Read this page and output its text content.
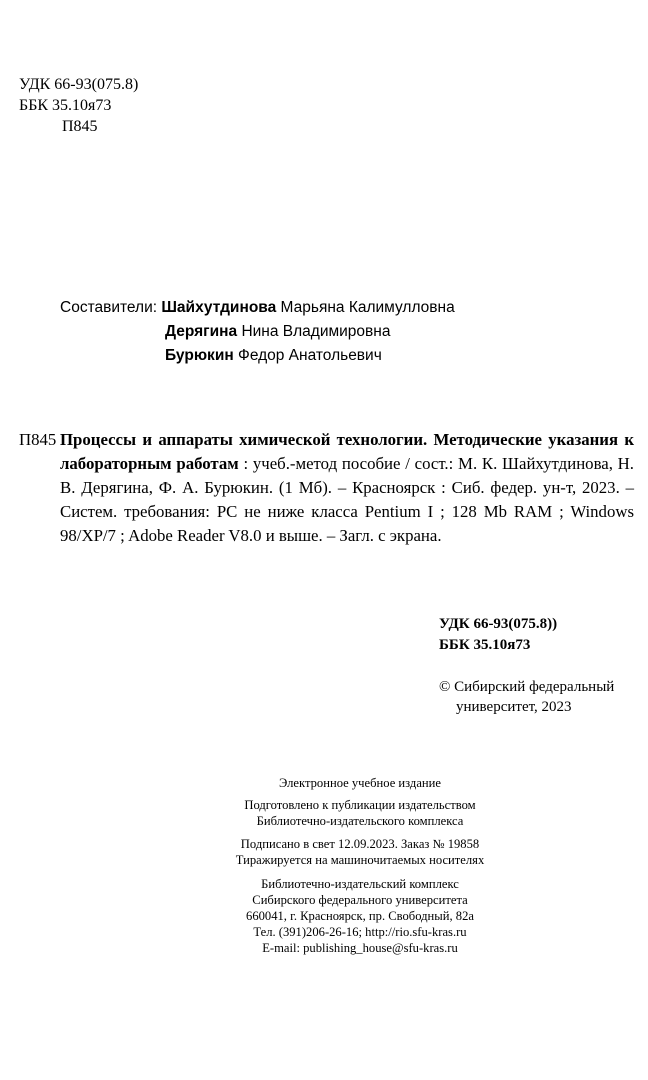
УДК 66-93(075.8)
ББК 35.10я73
П845
Составители: Шайхутдинова Марьяна Калимулловна
Дерягина Нина Владимировна
Бурюкин Федор Анатольевич
П845 Процессы и аппараты химической технологии. Методические указания к лабораторным работам : учеб.-метод пособие / сост.: М. К. Шайхутдинова, Н. В. Дерягина, Ф. А. Бурюкин. (1 Мб). – Красноярск : Сиб. федер. ун-т, 2023. – Систем. требования: PC не ниже класса Pentium I ; 128 Mb RAM ; Windows 98/XP/7 ; Adobe Reader V8.0 и выше. – Загл. с экрана.
УДК 66-93(075.8))
ББК 35.10я73
© Сибирский федеральный
университет, 2023
Электронное учебное издание
Подготовлено к публикации издательством
Библиотечно-издательского комплекса
Подписано в свет 12.09.2023. Заказ № 19858
Тиражируется на машиночитаемых носителях
Библиотечно-издательский комплекс
Сибирского федерального университета
660041, г. Красноярск, пр. Свободный, 82а
Тел. (391)206-26-16; http://rio.sfu-kras.ru
E-mail: publishing_house@sfu-kras.ru
